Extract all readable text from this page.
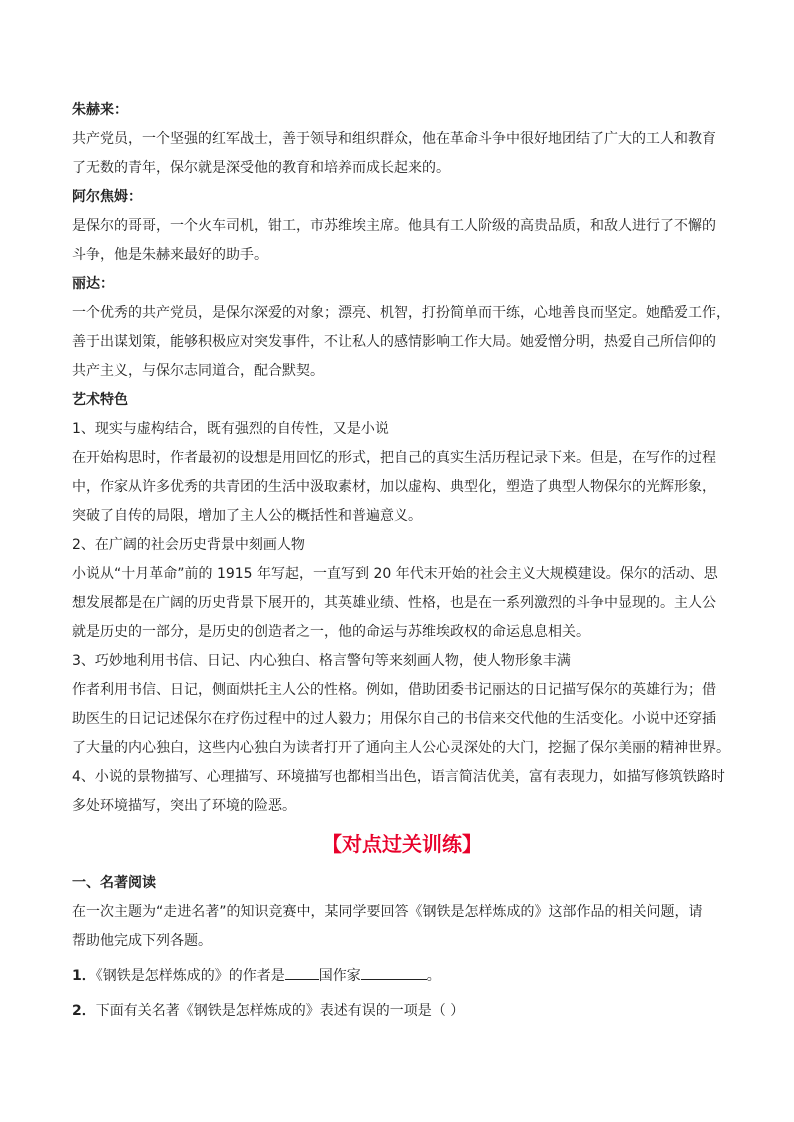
朱赫来：

共产党员，一个坚强的红军战士，善于领导和组织群众，他在革命斗争中很好地团结了广大的工人和教育

了无数的青年，保尔就是深受他的教育和培养而成长起来的。

阿尔焦姆：

是保尔的哥哥，一个火车司机，钳工，市苏维埃主席。他具有工人阶级的高贵品质，和敌人进行了不懈的

斗争，他是朱赫来最好的助手。

丽达：

一个优秀的共产党员，是保尔深爱的对象；漂亮、机智，打扮简单而干练，心地善良而坚定。她酷爱工作，

善于出谋划策，能够积极应对突发事件，不让私人的感情影响工作大局。她爱憎分明，热爱自己所信仰的

共产主义，与保尔志同道合，配合默契。

艺术特色

1、现实与虚构结合，既有强烈的自传性，又是小说

在开始构思时，作者最初的设想是用回忆的形式，把自己的真实生活历程记录下来。但是，在写作的过程

中，作家从许多优秀的共青团的生活中汲取素材，加以虚构、典型化，塑造了典型人物保尔的光辉形象，

突破了自传的局限，增加了主人公的概括性和普遍意义。

2、在广阔的社会历史背景中刻画人物

小说从“十月革命”前的 1915 年写起，一直写到 20 年代末开始的社会主义大规模建设。保尔的活动、思

想发展都是在广阔的历史背景下展开的，其英雄业绩、性格，也是在一系列激烈的斗争中显现的。主人公

就是历史的一部分，是历史的创造者之一，他的命运与苏维埃政权的命运息息相关。

3、巧妙地利用书信、日记、内心独白、格言警句等来刻画人物，使人物形象丰满

作者利用书信、日记，侧面烘托主人公的性格。例如，借助团委书记丽达的日记描写保尔的英雄行为；借

助医生的日记记述保尔在疗伤过程中的过人毅力；用保尔自己的书信来交代他的生活变化。小说中还穿插

了大量的内心独白，这些内心独白为读者打开了通向主人公心灵深处的大门，挖掘了保尔美丽的精神世界。

4、小说的景物描写、心理描写、环境描写也都相当出色，语言简洁优美，富有表现力，如描写修筑铁路时

多处环境描写，突出了环境的险恶。

【对点过关训练】

一、名著阅读

在一次主题为“走进名著”的知识竞赛中，某同学要回答《钢铁是怎样炼成的》这部作品的相关问题，请

帮助他完成下列各题。

1．《钢铁是怎样炼成的》的作者是 国作家	。

2．下面有关名著《钢铁是怎样炼成的》表述有误的一项是（ ）
